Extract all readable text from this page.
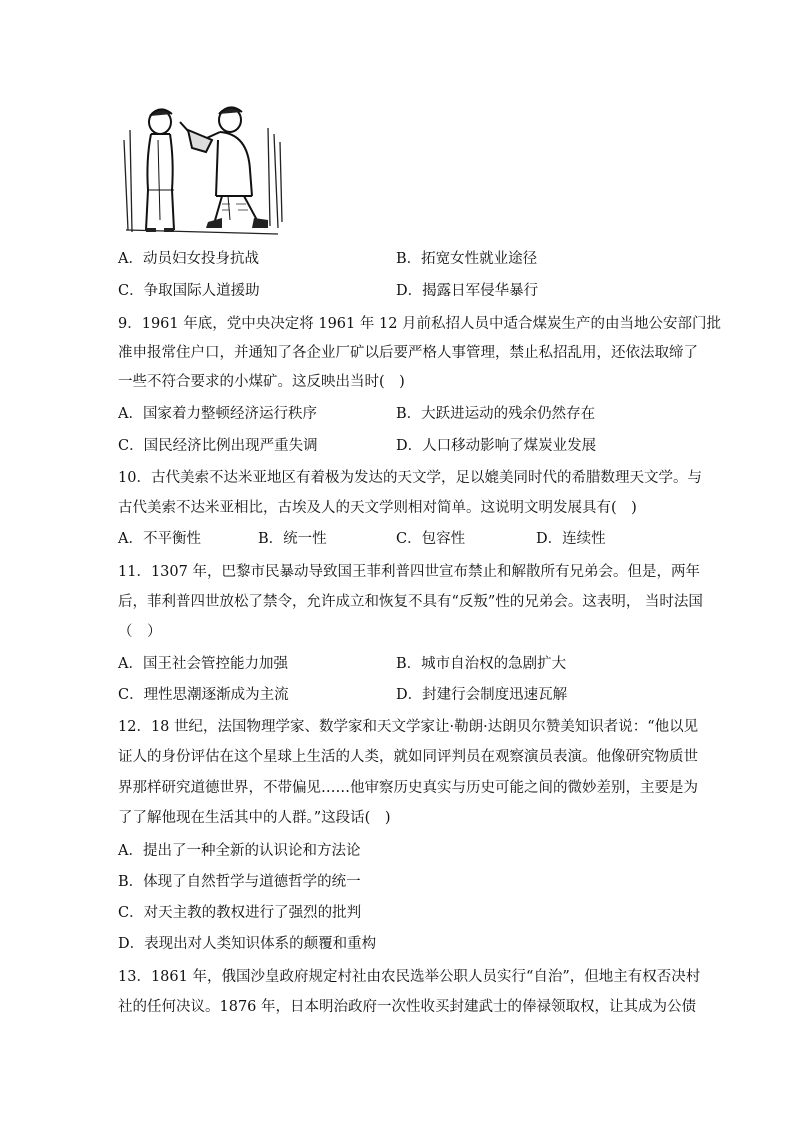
A．动员妇女投身抗战	B．拓宽女性就业途径
C．争取国际人道援助	D．揭露日军侵华暴行
9．1961 年底，党中央决定将 1961 年 12 月前私招人员中适合煤炭生产的由当地公安部门批
准申报常住户口，并通知了各企业厂矿以后要严格人事管理，禁止私招乱用，还依法取缔了
一些不符合要求的小煤矿。这反映出当时(　)
A．国家着力整顿经济运行秩序	B．大跃进运动的残余仍然存在
C．国民经济比例出现严重失调	D．人口移动影响了煤炭业发展
10．古代美索不达米亚地区有着极为发达的天文学，足以媲美同时代的希腊数理天文学。与
古代美索不达米亚相比，古埃及人的天文学则相对简单。这说明文明发展具有(　)
A．不平衡性	B．统一性	C．包容性	D．连续性
11．1307 年，巴黎市民暴动导致国王菲利普四世宣布禁止和解散所有兄弟会。但是，两年
后，菲利普四世放松了禁令，允许成立和恢复不具有“反叛”性的兄弟会。这表明， 当时法国
（　）
A．国王社会管控能力加强	B．城市自治权的急剧扩大
C．理性思潮逐渐成为主流	D．封建行会制度迅速瓦解
12．18 世纪，法国物理学家、数学家和天文学家让·勒朗·达朗贝尔赞美知识者说：“他以见
证人的身份评估在这个星球上生活的人类，就如同评判员在观察演员表演。他像研究物质世
界那样研究道德世界，不带偏见……他审察历史真实与历史可能之间的微妙差别，主要是为
了了解他现在生活其中的人群。”这段话(　)
A．提出了一种全新的认识论和方法论
B．体现了自然哲学与道德哲学的统一
C．对天主教的教权进行了强烈的批判
D．表现出对人类知识体系的颠覆和重构
13．1861 年，俄国沙皇政府规定村社由农民选举公职人员实行“自治”，但地主有权否决村
社的任何决议。1876 年，日本明治政府一次性收买封建武士的俸禄领取权，让其成为公债
